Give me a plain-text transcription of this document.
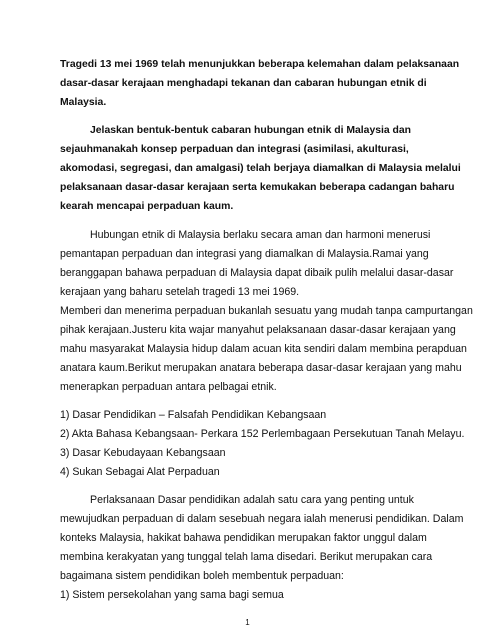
Tragedi 13 mei 1969 telah menunjukkan beberapa kelemahan dalam pelaksanaan

dasar-dasar kerajaan menghadapi tekanan dan cabaran hubungan etnik di

Malaysia.

Jelaskan bentuk-bentuk cabaran hubungan etnik di Malaysia dan

sejauhmanakah konsep perpaduan dan integrasi (asimilasi, akulturasi,

akomodasi, segregasi, dan amalgasi) telah berjaya diamalkan di Malaysia melalui

pelaksanaan dasar-dasar kerajaan serta kemukakan beberapa cadangan baharu

kearah mencapai perpaduan kaum.

Hubungan etnik di Malaysia berlaku secara aman dan harmoni menerusi

pemantapan perpaduan dan integrasi yang diamalkan di Malaysia.Ramai yang

beranggapan bahawa perpaduan di Malaysia dapat dibaik pulih melalui dasar-dasar

kerajaan yang baharu setelah tragedi 13 mei 1969.

Memberi dan menerima perpaduan bukanlah sesuatu yang mudah tanpa campurtangan

pihak kerajaan.Justeru kita wajar manyahut pelaksanaan dasar-dasar kerajaan yang

mahu masyarakat Malaysia hidup dalam acuan kita sendiri dalam membina perapduan

anatara kaum.Berikut merupakan anatara beberapa dasar-dasar kerajaan yang mahu

menerapkan perpaduan antara pelbagai etnik.

1) Dasar Pendidikan – Falsafah Pendidikan Kebangsaan

2) Akta Bahasa Kebangsaan- Perkara 152 Perlembagaan Persekutuan Tanah Melayu.

3) Dasar Kebudayaan Kebangsaan

4) Sukan Sebagai Alat Perpaduan

Perlaksanaan Dasar pendidikan adalah satu cara yang penting untuk

mewujudkan perpaduan di dalam sesebuah negara ialah menerusi pendidikan. Dalam

konteks Malaysia, hakikat bahawa pendidikan merupakan faktor unggul dalam

membina kerakyatan yang tunggal telah lama disedari. Berikut merupakan cara

bagaimana sistem pendidikan boleh membentuk perpaduan:

1) Sistem persekolahan yang sama bagi semua

1
